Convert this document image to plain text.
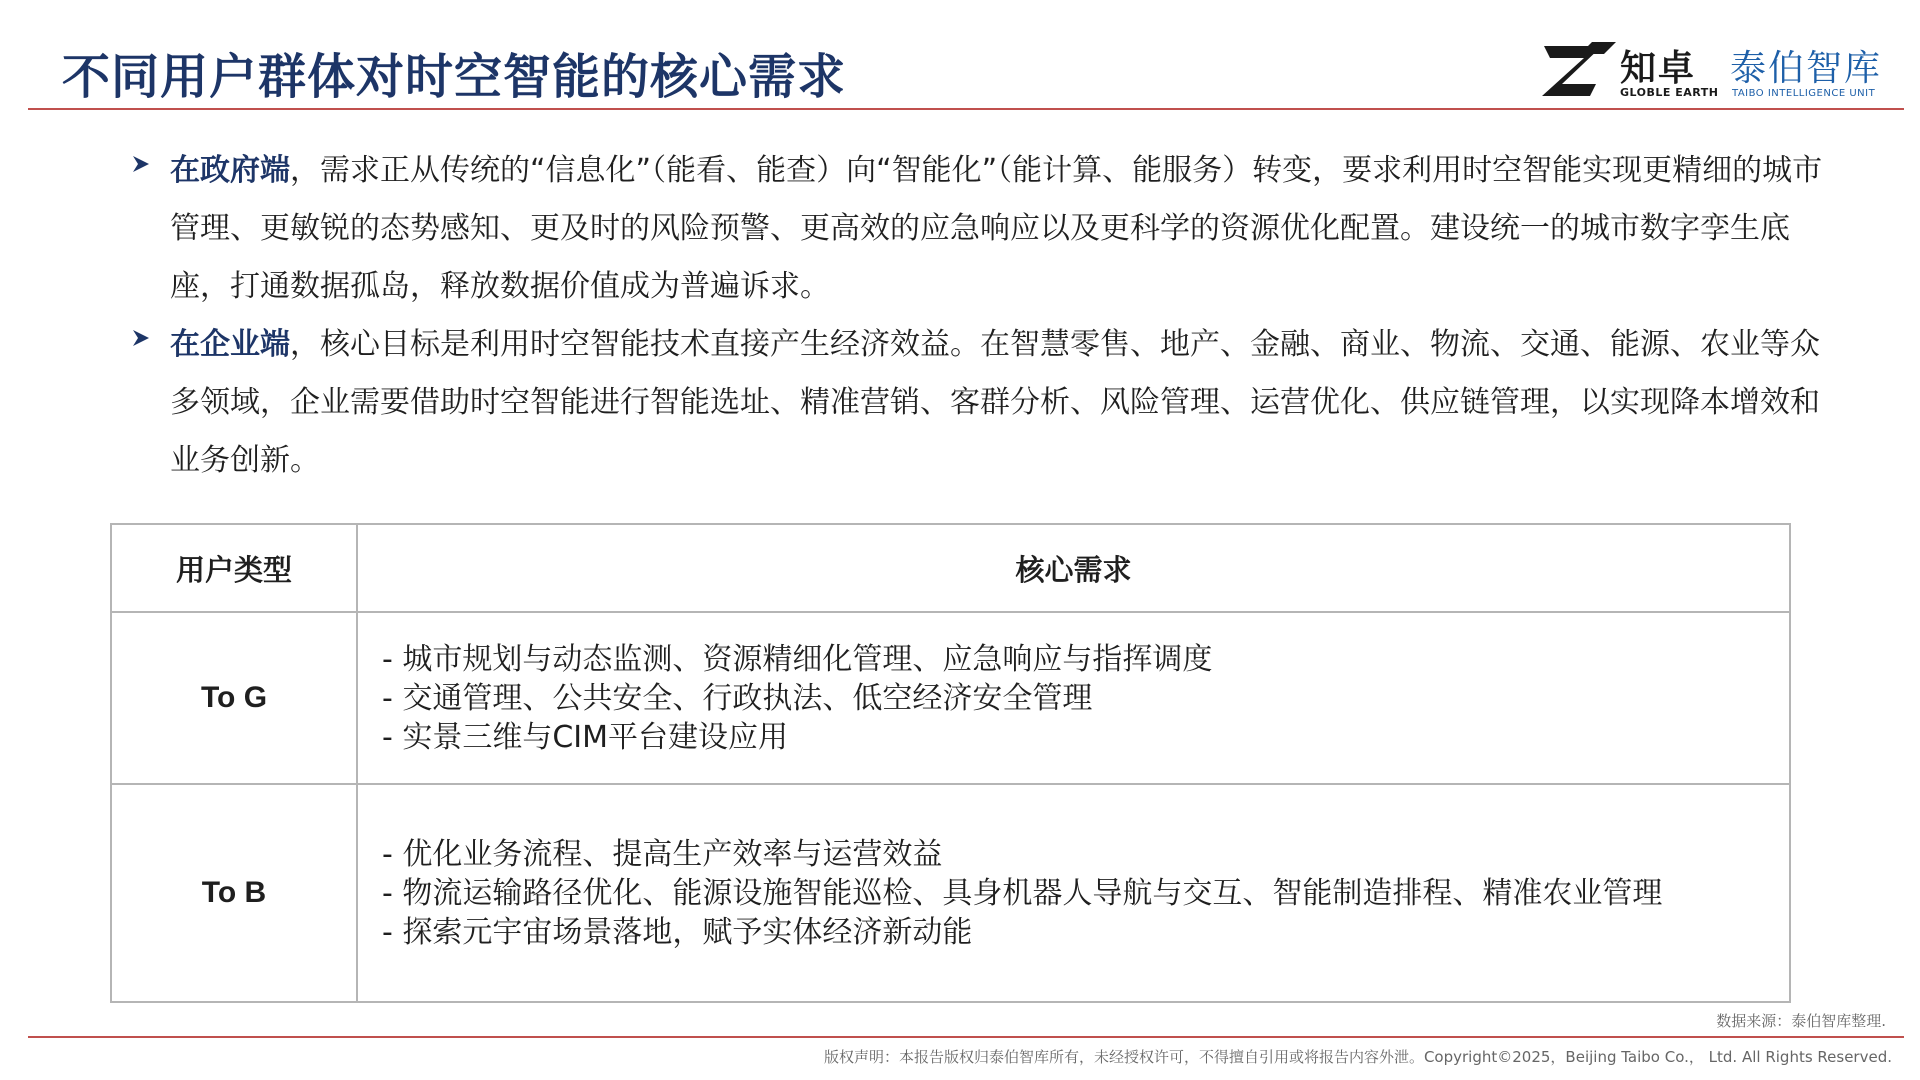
不同用户群体对时空智能的核心需求	知卓
GLOBLE EARTH
泰伯智库
TAIBO INTELLIGENCE UNIT
在政府端，需求正从传统的“信息化”（能看、能查）向“智能化”（能计算、能服务）转变，要求利用时空智能实现更精细的城市管理、更敏锐的态势感知、更及时的风险预警、更高效的应急响应以及更科学的资源优化配置。建设统一的城市数字孪生底座，打通数据孤岛，释放数据价值成为普遍诉求。
在企业端，核心目标是利用时空智能技术直接产生经济效益。在智慧零售、地产、金融、商业、物流、交通、能源、农业等众多领域，企业需要借助时空智能进行智能选址、精准营销、客群分析、风险管理、运营优化、供应链管理，以实现降本增效和业务创新。
用户类型	核心需求
To G	- 城市规划与动态监测、资源精细化管理、应急响应与指挥调度
- 交通管理、公共安全、行政执法、低空经济安全管理
- 实景三维与CIM平台建设应用

To B	- 优化业务流程、提高生产效率与运营效益
- 物流运输路径优化、能源设施智能巡检、具身机器人导航与交互、智能制造排程、精准农业管理
- 探索元宇宙场景落地，赋予实体经济新动能
数据来源：泰伯智库整理.
版权声明：本报告版权归泰伯智库所有，未经授权许可，不得擅自引用或将报告内容外泄。Copyright©2025，Beijing Taibo Co.， Ltd. All Rights Reserved.
